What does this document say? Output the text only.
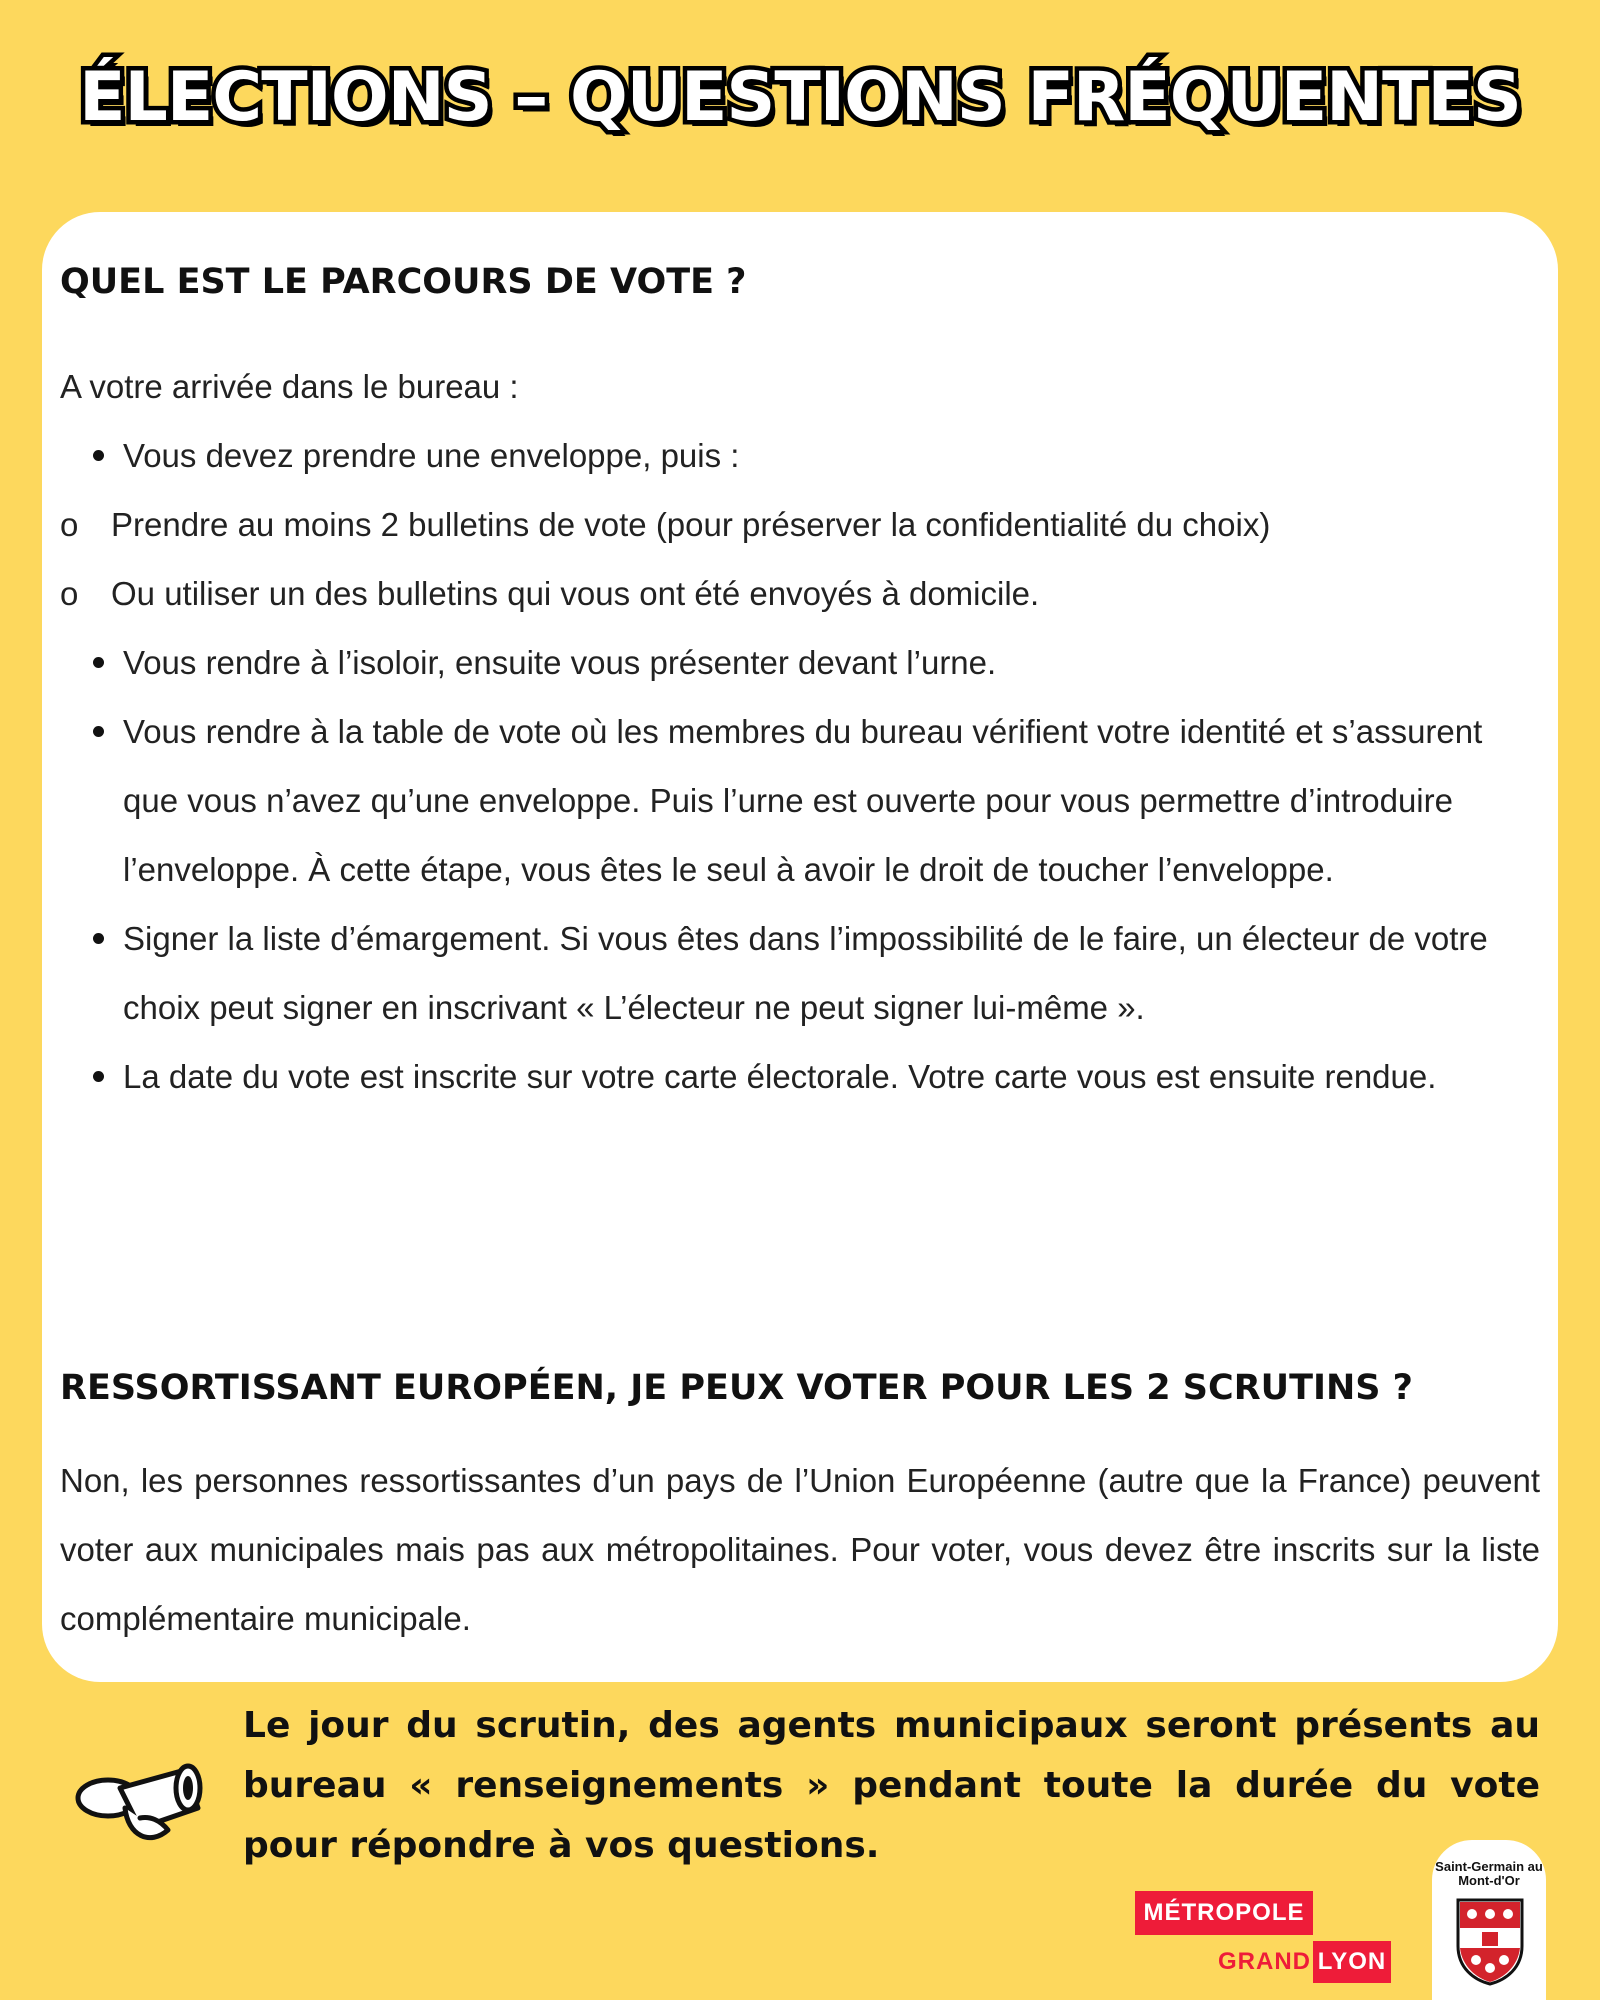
ÉLECTIONS – QUESTIONS FRÉQUENTES
QUEL EST LE PARCOURS DE VOTE ?
A votre arrivée dans le bureau :
Vous devez prendre une enveloppe, puis :
o Prendre au moins 2 bulletins de vote (pour préserver la confidentialité du choix)
o Ou utiliser un des bulletins qui vous ont été envoyés à domicile.
Vous rendre à l’isoloir, ensuite vous présenter devant l’urne.
Vous rendre à la table de vote où les membres du bureau vérifient votre identité et s’assurent que vous n’avez qu’une enveloppe. Puis l’urne est ouverte pour vous permettre d’introduire l’enveloppe. À cette étape, vous êtes le seul à avoir le droit de toucher l’enveloppe.
Signer la liste d’émargement. Si vous êtes dans l’impossibilité de le faire, un électeur de votre choix peut signer en inscrivant « L’électeur ne peut signer lui-même ».
La date du vote est inscrite sur votre carte électorale. Votre carte vous est ensuite rendue.
RESSORTISSANT EUROPÉEN, JE PEUX VOTER POUR LES 2 SCRUTINS ?
Non, les personnes ressortissantes d’un pays de l’Union Européenne (autre que la France) peuvent voter aux municipales mais pas aux métropolitaines. Pour voter, vous devez être inscrits sur la liste complémentaire municipale.
Le jour du scrutin, des agents municipaux seront présents au bureau « renseignements » pendant toute la durée du vote pour répondre à vos questions.
MÉTROPOLE
GRAND LYON
Saint-Germain au Mont-d'Or
